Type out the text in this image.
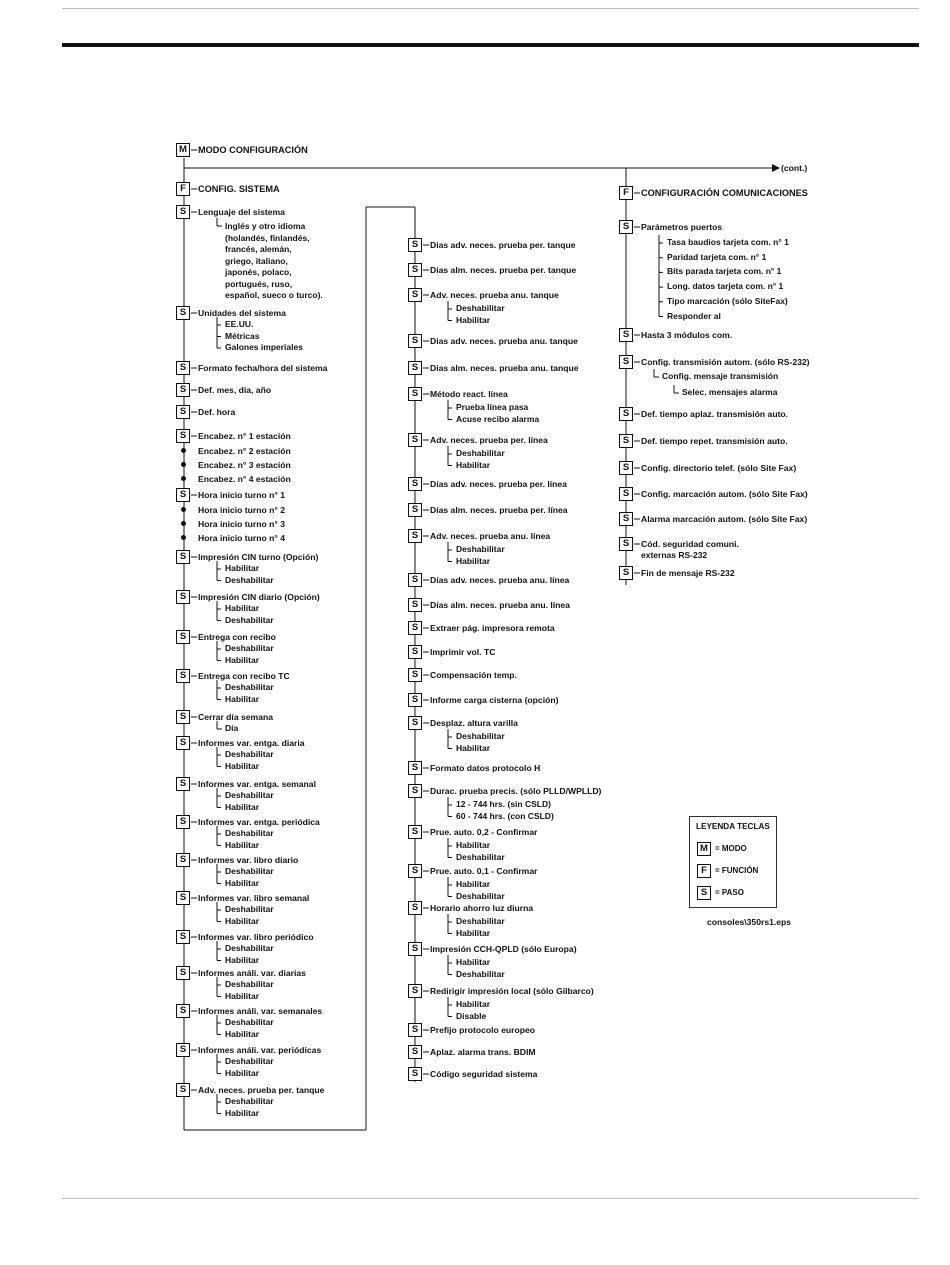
M	MODO CONFIGURACIÓN
F	CONFIG. SISTEMA
S	Lenguaje del sistema
Inglés y otro idioma
(holandés, finlandés,
francés, alemán,
griego, italiano,
japonés, polaco,
portugués, ruso,
español, sueco o turco).
S	Unidades del sistema
EE.UU.
Métricas
Galones imperiales
S	Formato fecha/hora del sistema
S	Def. mes, día, año
S	Def. hora
S	Encabez. n° 1 estación
Encabez. n° 2 estación
Encabez. n° 3 estación
Encabez. n° 4 estación
S	Hora inicio turno n° 1
Hora inicio turno n° 2
Hora inicio turno n° 3
Hora inicio turno n° 4
S	Impresión CIN turno (Opción)
Habilitar
Deshabilitar
S	Impresión CIN diario (Opción)
Habilitar
Deshabilitar
S	Entrega con recibo
Deshabilitar
Habilitar
S	Entrega con recibo TC
Deshabilitar
Habilitar
S	Cerrar día semana
Día
S	Informes var. entga. diaria
Deshabilitar
Habilitar
S	Informes var. entga. semanal
Deshabilitar
Habilitar
S	Informes var. entga. periódica
Deshabilitar
Habilitar
S	Informes var. libro diario
Deshabilitar
Habilitar
S	Informes var. libro semanal
Deshabilitar
Habilitar
S	Informes var. libro periódico
Deshabilitar
Habilitar
S	Informes análi. var. diarias
Deshabilitar
Habilitar
S	Informes análi. var. semanales
Deshabilitar
Habilitar
S	Informes análi. var. periódicas
Deshabilitar
Habilitar
S	Adv. neces. prueba per. tanque
Deshabilitar
Habilitar
S	Dias adv. neces. prueba per. tanque
S	Dias alm. neces. prueba per. tanque
S	Adv. neces. prueba anu. tanque
Deshabilitar
Habilitar
S	Dias adv. neces. prueba anu. tanque
S	Dias alm. neces. prueba anu. tanque
S	Método react. línea
Prueba línea pasa
Acuse recibo alarma
S	Adv. neces. prueba per. línea
Deshabilitar
Habilitar
S	Días adv. neces. prueba per. línea
S	Días alm. neces. prueba per. línea
S	Adv. neces. prueba anu. línea
Deshabilitar
Habilitar
S	Días adv. neces. prueba anu. línea
S	Días alm. neces. prueba anu. línea
S	Extraer pág. impresora remota
S	Imprimir vol. TC
S	Compensación temp.
S	Informe carga cisterna (opción)
S	Desplaz. altura varilla
Deshabilitar
Habilitar
S	Formato datos protocolo H
S	Durac. prueba precis. (sólo PLLD/WPLLD)
12 - 744 hrs. (sin CSLD)
60 - 744 hrs. (con CSLD)
S	Prue. auto. 0,2 - Confirmar
Habilitar
Deshabilitar
S	Prue. auto. 0,1 - Confirmar
Habilitar
Deshabilitar
S	Horario ahorro luz diurna
Deshabilitar
Habilitar
S	Impresión CCH-QPLD (sólo Europa)
Habilitar
Deshabilitar
S	Redirigir impresión local (sólo Gilbarco)
Habilitar
Disable
S	Prefijo protocolo europeo
S	Aplaz. alarma trans. BDIM
S	Código seguridad sistema
F	CONFIGURACIÓN COMUNICACIONES
S	Parámetros puertos
Tasa baudios tarjeta com. n° 1
Paridad tarjeta com. n° 1
Bits parada tarjeta com. n° 1
Long. datos tarjeta com. n° 1
Tipo marcación (sólo SiteFax)
Responder al
S	Hasta 3 módulos com.
S	Config. transmisión autom. (sólo RS-232)
Config. mensaje transmisión
Selec. mensajes alarma
S	Def. tiempo aplaz. transmisión auto.
S	Def. tiempo repet. transmisión auto.
S	Config. directorio telef. (sólo Site Fax)
S	Config. marcación autom. (sólo Site Fax)
S	Alarma marcación autom. (sólo Site Fax)
S	Cód. seguridad comuni.
externas RS-232
S	Fin de mensaje RS-232
(cont.)
LEYENDA TECLAS
M = MODO
F	= FUNCIÓN
S = PASO
consoles\350rs1.eps
